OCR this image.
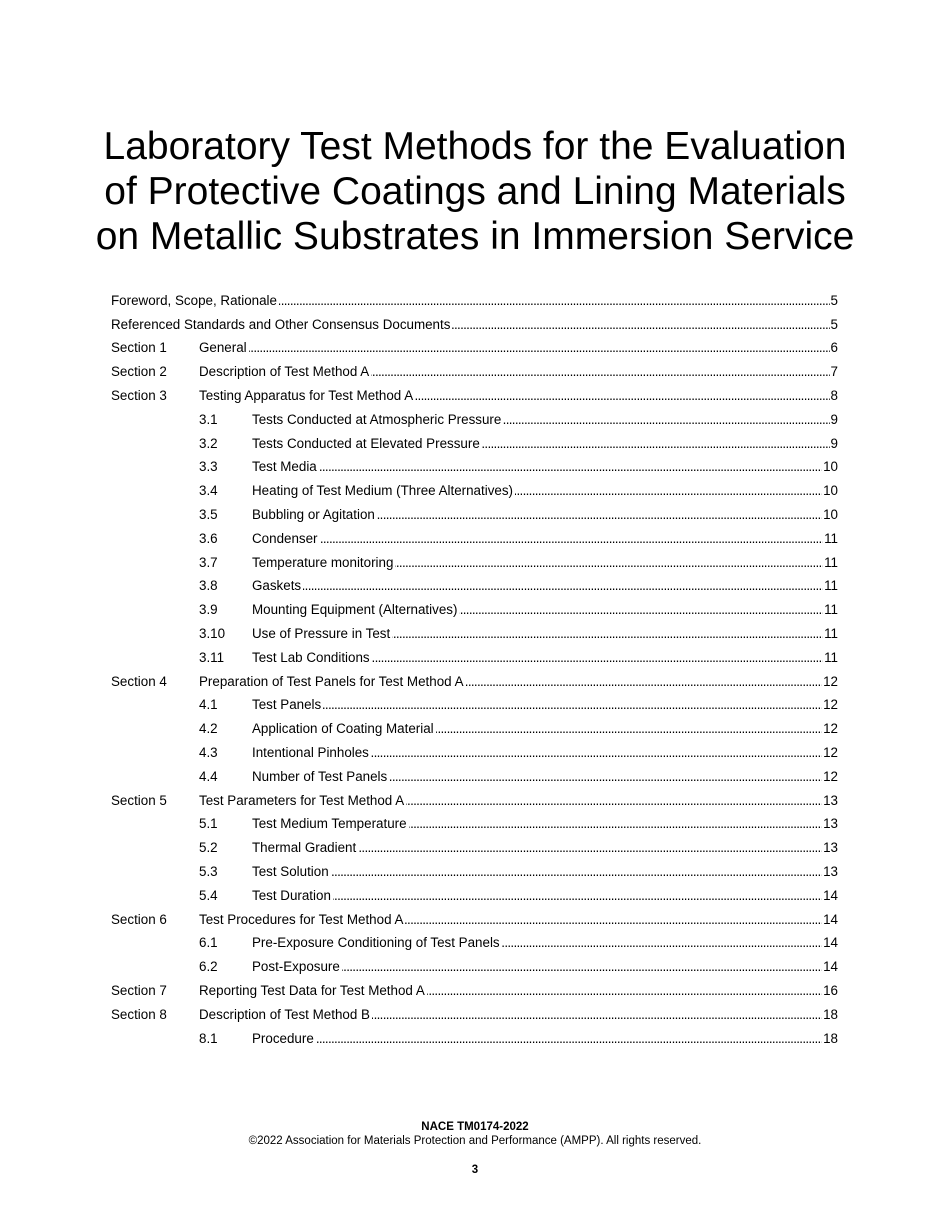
Laboratory Test Methods for the Evaluation
of Protective Coatings and Lining Materials
on Metallic Substrates in Immersion Service
Foreword, Scope, Rationale . . .	5
Referenced Standards and Other Consensus Documents . . .	5
Section 1	General . . .	6
Section 2	Description of Test Method A . . .	7
Section 3	Testing Apparatus for Test Method A . . .	8
3.1	Tests Conducted at Atmospheric Pressure . . .	9
3.2	Tests Conducted at Elevated Pressure . . .	9
3.3	Test Media . . .	10
3.4	Heating of Test Medium (Three Alternatives) . . .	10
3.5	Bubbling or Agitation . . .	10
3.6	Condenser . . .	11
3.7	Temperature monitoring . . .	11
3.8	Gaskets . . .	11
3.9	Mounting Equipment (Alternatives) . . .	11
3.10	Use of Pressure in Test . . .	11
3.11	Test Lab Conditions . . .	11
Section 4	Preparation of Test Panels for Test Method A . . .	12
4.1	Test Panels . . .	12
4.2	Application of Coating Material . . .	12
4.3	Intentional Pinholes . . .	12
4.4	Number of Test Panels . . .	12
Section 5	Test Parameters for Test Method A . . .	13
5.1	Test Medium Temperature . . .	13
5.2	Thermal Gradient . . .	13
5.3	Test Solution . . .	13
5.4	Test Duration . . .	14
Section 6	Test Procedures for Test Method A . . .	14
6.1	Pre-Exposure Conditioning of Test Panels . . .	14
6.2	Post-Exposure . . .	14
Section 7	Reporting Test Data for Test Method A . . .	16
Section 8	Description of Test Method B . . .	18
8.1	Procedure . . .	18
NACE TM0174-2022
©2022 Association for Materials Protection and Performance (AMPP). All rights reserved.
3
